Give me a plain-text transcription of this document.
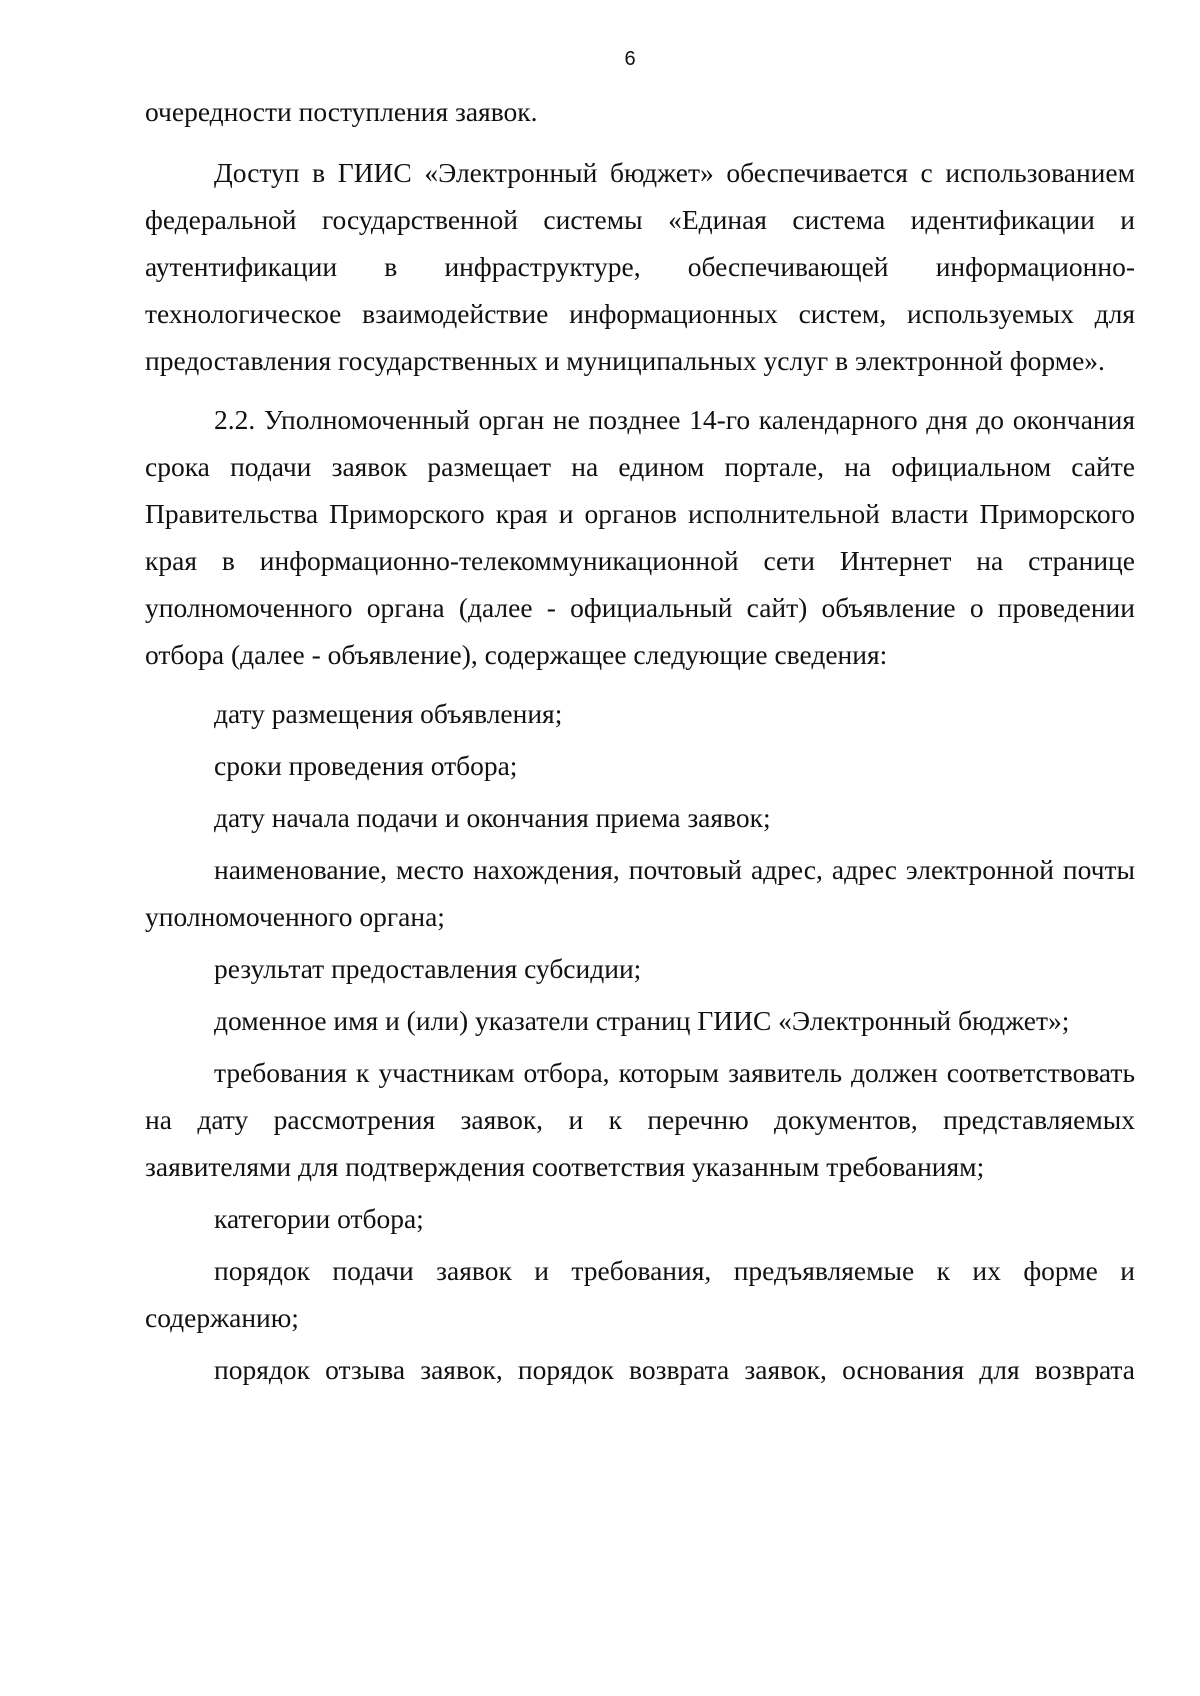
6

очередности поступления заявок.

Доступ в ГИИС «Электронный бюджет» обеспечивается с использованием федеральной государственной системы «Единая система идентификации и аутентификации в инфраструктуре, обеспечивающей информационно-технологическое взаимодействие информационных систем, используемых для предоставления государственных и муниципальных услуг в электронной форме».

2.2. Уполномоченный орган не позднее 14-го календарного дня до окончания срока подачи заявок размещает на едином портале, на официальном сайте Правительства Приморского края и органов исполнительной власти Приморского края в информационно-телекоммуникационной сети Интернет на странице уполномоченного органа (далее - официальный сайт) объявление о проведении отбора (далее - объявление), содержащее следующие сведения:

дату размещения объявления;

сроки проведения отбора;

дату начала подачи и окончания приема заявок;

наименование, место нахождения, почтовый адрес, адрес электронной почты уполномоченного органа;

результат предоставления субсидии;

доменное имя и (или) указатели страниц ГИИС «Электронный бюджет»;

требования к участникам отбора, которым заявитель должен соответствовать на дату рассмотрения заявок, и к перечню документов, представляемых заявителями для подтверждения соответствия указанным требованиям;

категории отбора;

порядок подачи заявок и требования, предъявляемые к их форме и содержанию;

порядок отзыва заявок, порядок возврата заявок, основания для возврата
